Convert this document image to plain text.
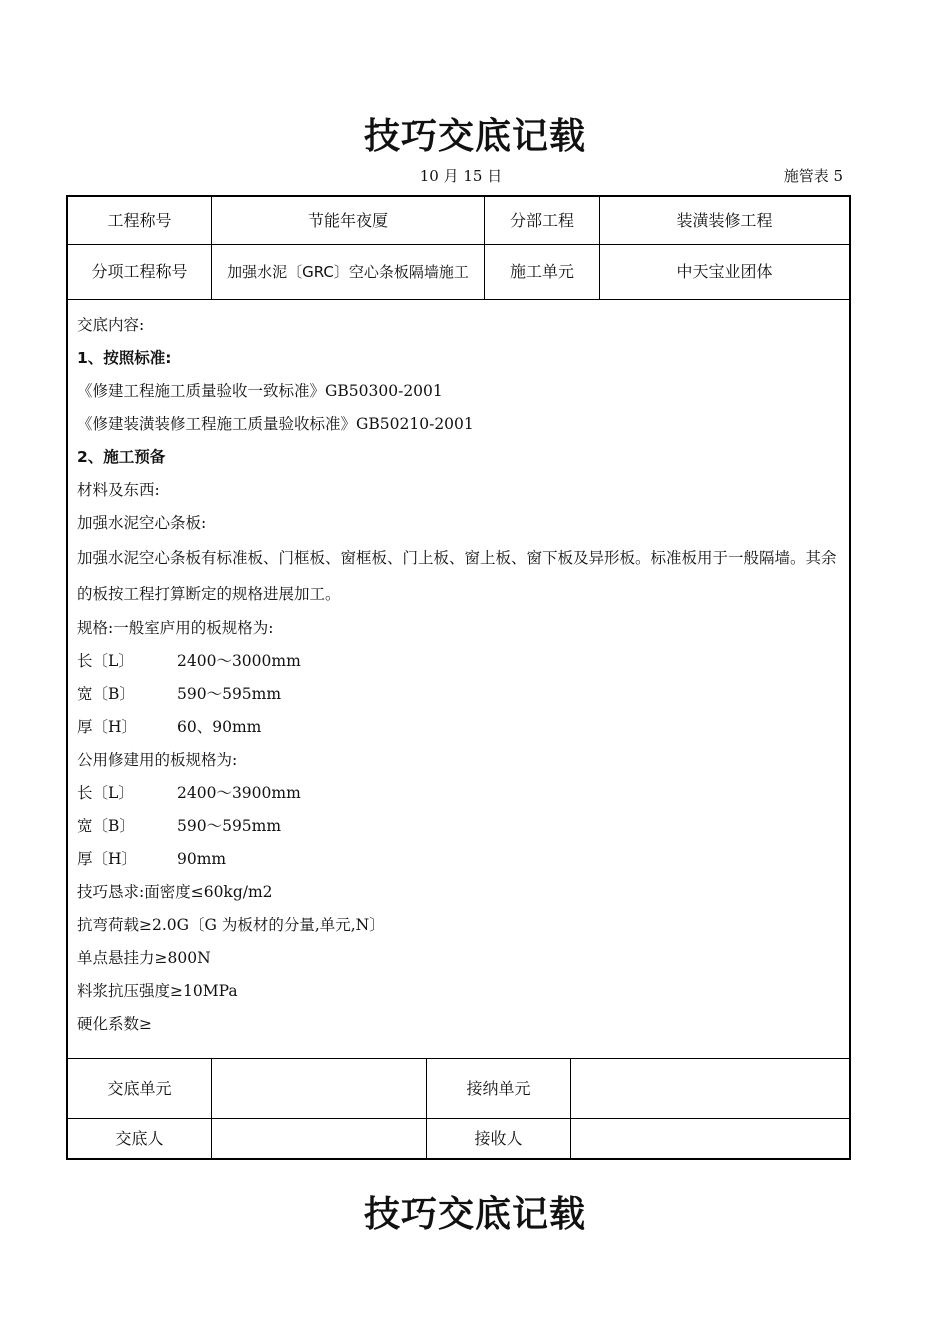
技巧交底记载
10 月 15 日	施管表 5
工程称号	节能年夜厦	分部工程	装潢装修工程
分项工程称号	加强水泥〔GRC〕空心条板隔墙施工	施工单元	中天宝业团体
交底内容:
1、按照标准:
《修建工程施工质量验收一致标准》GB50300-2001
《修建装潢装修工程施工质量验收标准》GB50210-2001
2、施工预备
材料及东西:
加强水泥空心条板:
加强水泥空心条板有标准板、门框板、窗框板、门上板、窗上板、窗下板及异形板。标准板用于一般隔墙。其余的板按工程打算断定的规格进展加工。
规格:一般室庐用的板规格为:
长〔L〕	2400～3000mm
宽〔B〕	590～595mm
厚〔H〕	60、90mm
公用修建用的板规格为:
长〔L〕	2400～3900mm
宽〔B〕	590～595mm
厚〔H〕	90mm
技巧恳求:面密度≤60kg/m2
抗弯荷载≥2.0G〔G 为板材的分量,单元,N〕
单点悬挂力≥800N
料浆抗压强度≥10MPa
硬化系数≥
交底单元	接纳单元
交底人	接收人
技巧交底记载
